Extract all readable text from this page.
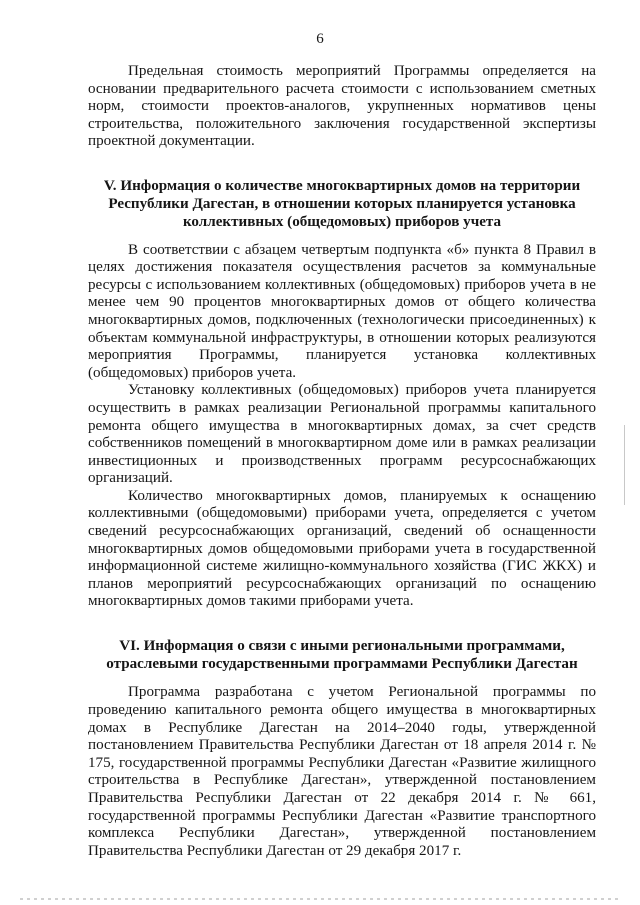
6

Предельная стоимость мероприятий Программы определяется на основании предварительного расчета стоимости с использованием сметных норм, стоимости проектов-аналогов, укрупненных нормативов цены строительства, положительного заключения государственной экспертизы проектной документации.

V. Информация о количестве многоквартирных домов на территории Республики Дагестан, в отношении которых планируется установка коллективных (общедомовых) приборов учета

В соответствии с абзацем четвертым подпункта «б» пункта 8 Правил в целях достижения показателя осуществления расчетов за коммунальные ресурсы с использованием коллективных (общедомовых) приборов учета в не менее чем 90 процентов многоквартирных домов от общего количества многоквартирных домов, подключенных (технологически присоединенных) к объектам коммунальной инфраструктуры, в отношении которых реализуются мероприятия Программы, планируется установка коллективных (общедомовых) приборов учета.

Установку коллективных (общедомовых) приборов учета планируется осуществить в рамках реализации Региональной программы капитального ремонта общего имущества в многоквартирных домах, за счет средств собственников помещений в многоквартирном доме или в рамках реализации инвестиционных и производственных программ ресурсоснабжающих организаций.

Количество многоквартирных домов, планируемых к оснащению коллективными (общедомовыми) приборами учета, определяется с учетом сведений ресурсоснабжающих организаций, сведений об оснащенности многоквартирных домов общедомовыми приборами учета в государственной информационной системе жилищно-коммунального хозяйства (ГИС ЖКХ) и планов мероприятий ресурсоснабжающих организаций по оснащению многоквартирных домов такими приборами учета.

VI. Информация о связи с иными региональными программами, отраслевыми государственными программами Республики Дагестан

Программа разработана с учетом Региональной программы по проведению капитального ремонта общего имущества в многоквартирных домах в Республике Дагестан на 2014–2040 годы, утвержденной постановлением Правительства Республики Дагестан от 18 апреля 2014 г. № 175, государственной программы Республики Дагестан «Развитие жилищного строительства в Республике Дагестан», утвержденной постановлением Правительства Республики Дагестан от 22 декабря 2014 г. № 661, государственной программы Республики Дагестан «Развитие транспортного комплекса Республики Дагестан», утвержденной постановлением Правительства Республики Дагестан от 29 декабря 2017 г.
